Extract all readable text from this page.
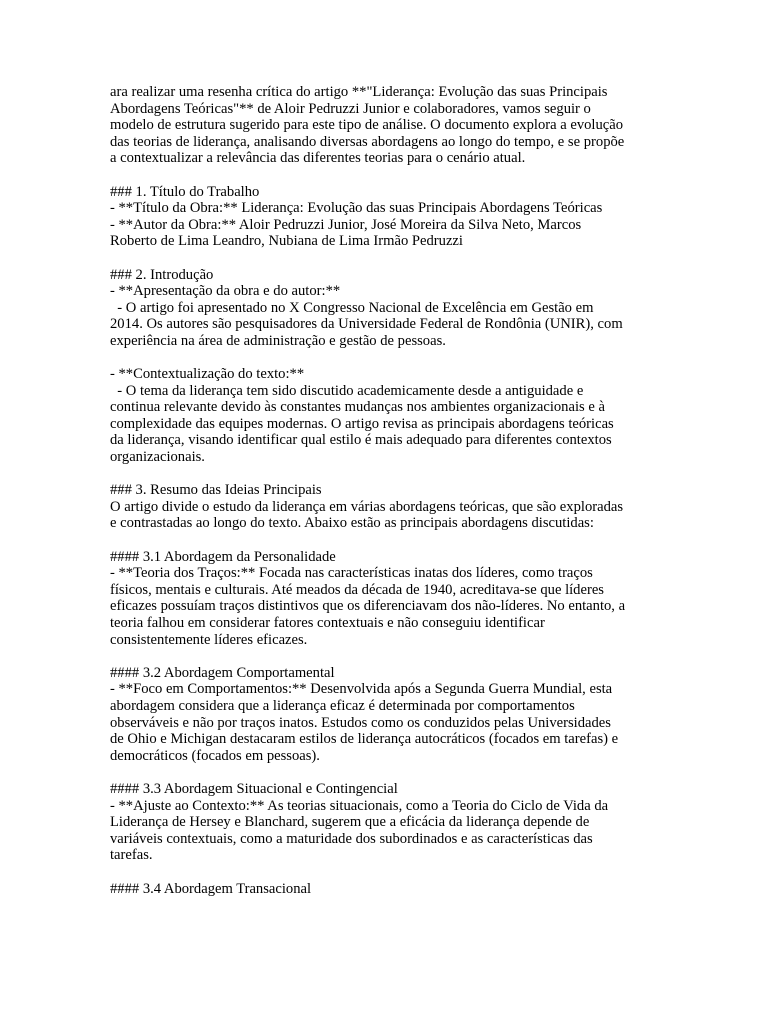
ara realizar uma resenha crítica do artigo **"Liderança: Evolução das suas Principais
Abordagens Teóricas"** de Aloir Pedruzzi Junior e colaboradores, vamos seguir o
modelo de estrutura sugerido para este tipo de análise. O documento explora a evolução
das teorias de liderança, analisando diversas abordagens ao longo do tempo, e se propõe
a contextualizar a relevância das diferentes teorias para o cenário atual.
### 1. Título do Trabalho
- **Título da Obra:** Liderança: Evolução das suas Principais Abordagens Teóricas
- **Autor da Obra:** Aloir Pedruzzi Junior, José Moreira da Silva Neto, Marcos
Roberto de Lima Leandro, Nubiana de Lima Irmão Pedruzzi
### 2. Introdução
- **Apresentação da obra e do autor:**
- O artigo foi apresentado no X Congresso Nacional de Excelência em Gestão em
2014. Os autores são pesquisadores da Universidade Federal de Rondônia (UNIR), com
experiência na área de administração e gestão de pessoas.
- **Contextualização do texto:**
- O tema da liderança tem sido discutido academicamente desde a antiguidade e
continua relevante devido às constantes mudanças nos ambientes organizacionais e à
complexidade das equipes modernas. O artigo revisa as principais abordagens teóricas
da liderança, visando identificar qual estilo é mais adequado para diferentes contextos
organizacionais.
### 3. Resumo das Ideias Principais
O artigo divide o estudo da liderança em várias abordagens teóricas, que são exploradas
e contrastadas ao longo do texto. Abaixo estão as principais abordagens discutidas:
#### 3.1 Abordagem da Personalidade
- **Teoria dos Traços:** Focada nas características inatas dos líderes, como traços
físicos, mentais e culturais. Até meados da década de 1940, acreditava-se que líderes
eficazes possuíam traços distintivos que os diferenciavam dos não-líderes. No entanto, a
teoria falhou em considerar fatores contextuais e não conseguiu identificar
consistentemente líderes eficazes.
#### 3.2 Abordagem Comportamental
- **Foco em Comportamentos:** Desenvolvida após a Segunda Guerra Mundial, esta
abordagem considera que a liderança eficaz é determinada por comportamentos
observáveis e não por traços inatos. Estudos como os conduzidos pelas Universidades
de Ohio e Michigan destacaram estilos de liderança autocráticos (focados em tarefas) e
democráticos (focados em pessoas).
#### 3.3 Abordagem Situacional e Contingencial
- **Ajuste ao Contexto:** As teorias situacionais, como a Teoria do Ciclo de Vida da
Liderança de Hersey e Blanchard, sugerem que a eficácia da liderança depende de
variáveis contextuais, como a maturidade dos subordinados e as características das
tarefas.
#### 3.4 Abordagem Transacional
